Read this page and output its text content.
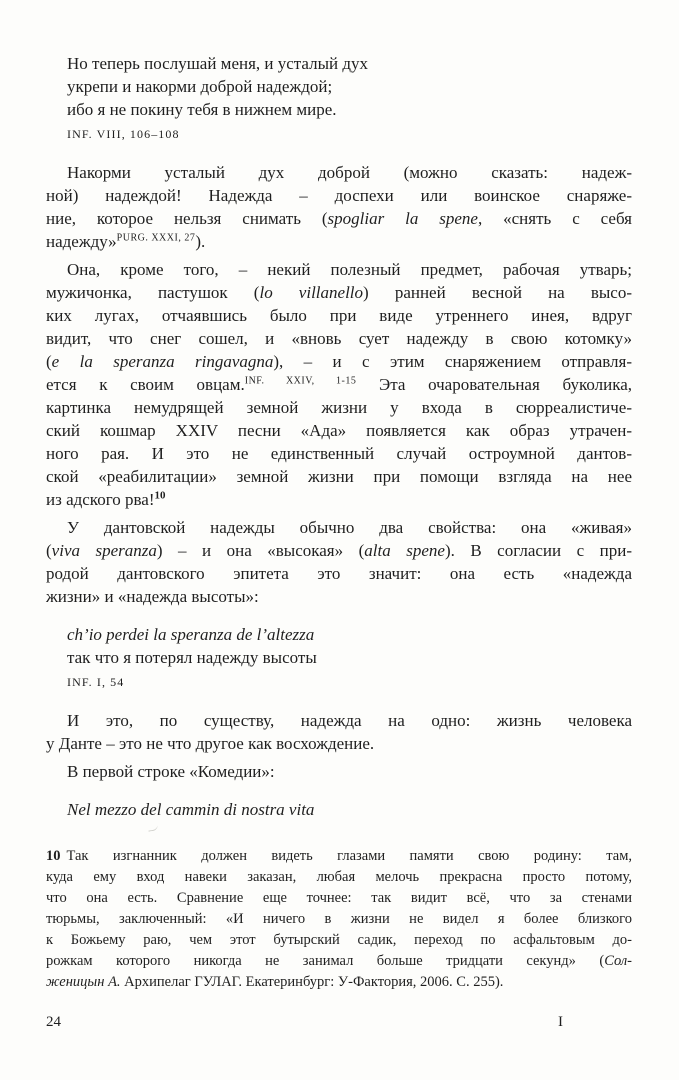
Но теперь послушай меня, и усталый дух
укрепи и накорми доброй надеждой;
ибо я не покину тебя в нижнем мире.
INF. VIII, 106–108
Накорми усталый дух доброй (можно сказать: надеж-
ной) надеждой! Надежда – доспехи или воинское снаряже-
ние, которое нельзя снимать (spogliar la spene, «снять с себя
надежду»$^{PURG. XXXI, 27}$).
Она, кроме того, – некий полезный предмет, рабочая утварь;
мужичонка, пастушок (lo villanello) ранней весной на высо-
ких лугах, отчаявшись было при виде утреннего инея, вдруг
видит, что снег сошел, и «вновь сует надежду в свою котомку»
(e la speranza ringavagna), – и с этим снаряжением отправля-
ется к своим овцам.$^{INF. XXIV, 1-15}$ Эта очаровательная буколика,
картинка немудрящей земной жизни у входа в сюрреалистиче-
ский кошмар XXIV песни «Ада» появляется как образ утрачен-
ного рая. И это не единственный случай остроумной дантов-
ской «реабилитации» земной жизни при помощи взгляда на нее
из адского рва!$^{10}$
У дантовской надежды обычно два свойства: она «живая»
(viva speranza) – и она «высокая» (alta spene). В согласии с при-
родой дантовского эпитета это значит: она есть «надежда
жизни» и «надежда высоты»:
ch’io perdei la speranza de l’altezza
так что я потерял надежду высоты
INF. I, 54
И это, по существу, надежда на одно: жизнь человека
у Данте – это не что другое как восхождение.
В первой строке «Комедии»:
Nel mezzo del cammin di nostra vita
10 Так изгнанник должен видеть глазами памяти свою родину: там,
куда ему вход навеки заказан, любая мелочь прекрасна просто потому,
что она есть. Сравнение еще точнее: так видит всё, что за стенами
тюрьмы, заключенный: «И ничего в жизни не видел я более близкого
к Божьему раю, чем этот бутырский садик, переход по асфальтовым до-
рожкам которого никогда не занимал больше тридцати секунд» (Сол-
женицын А. Архипелаг ГУЛАГ. Екатеринбург: У-Фактория, 2006. С. 255).
24	I
